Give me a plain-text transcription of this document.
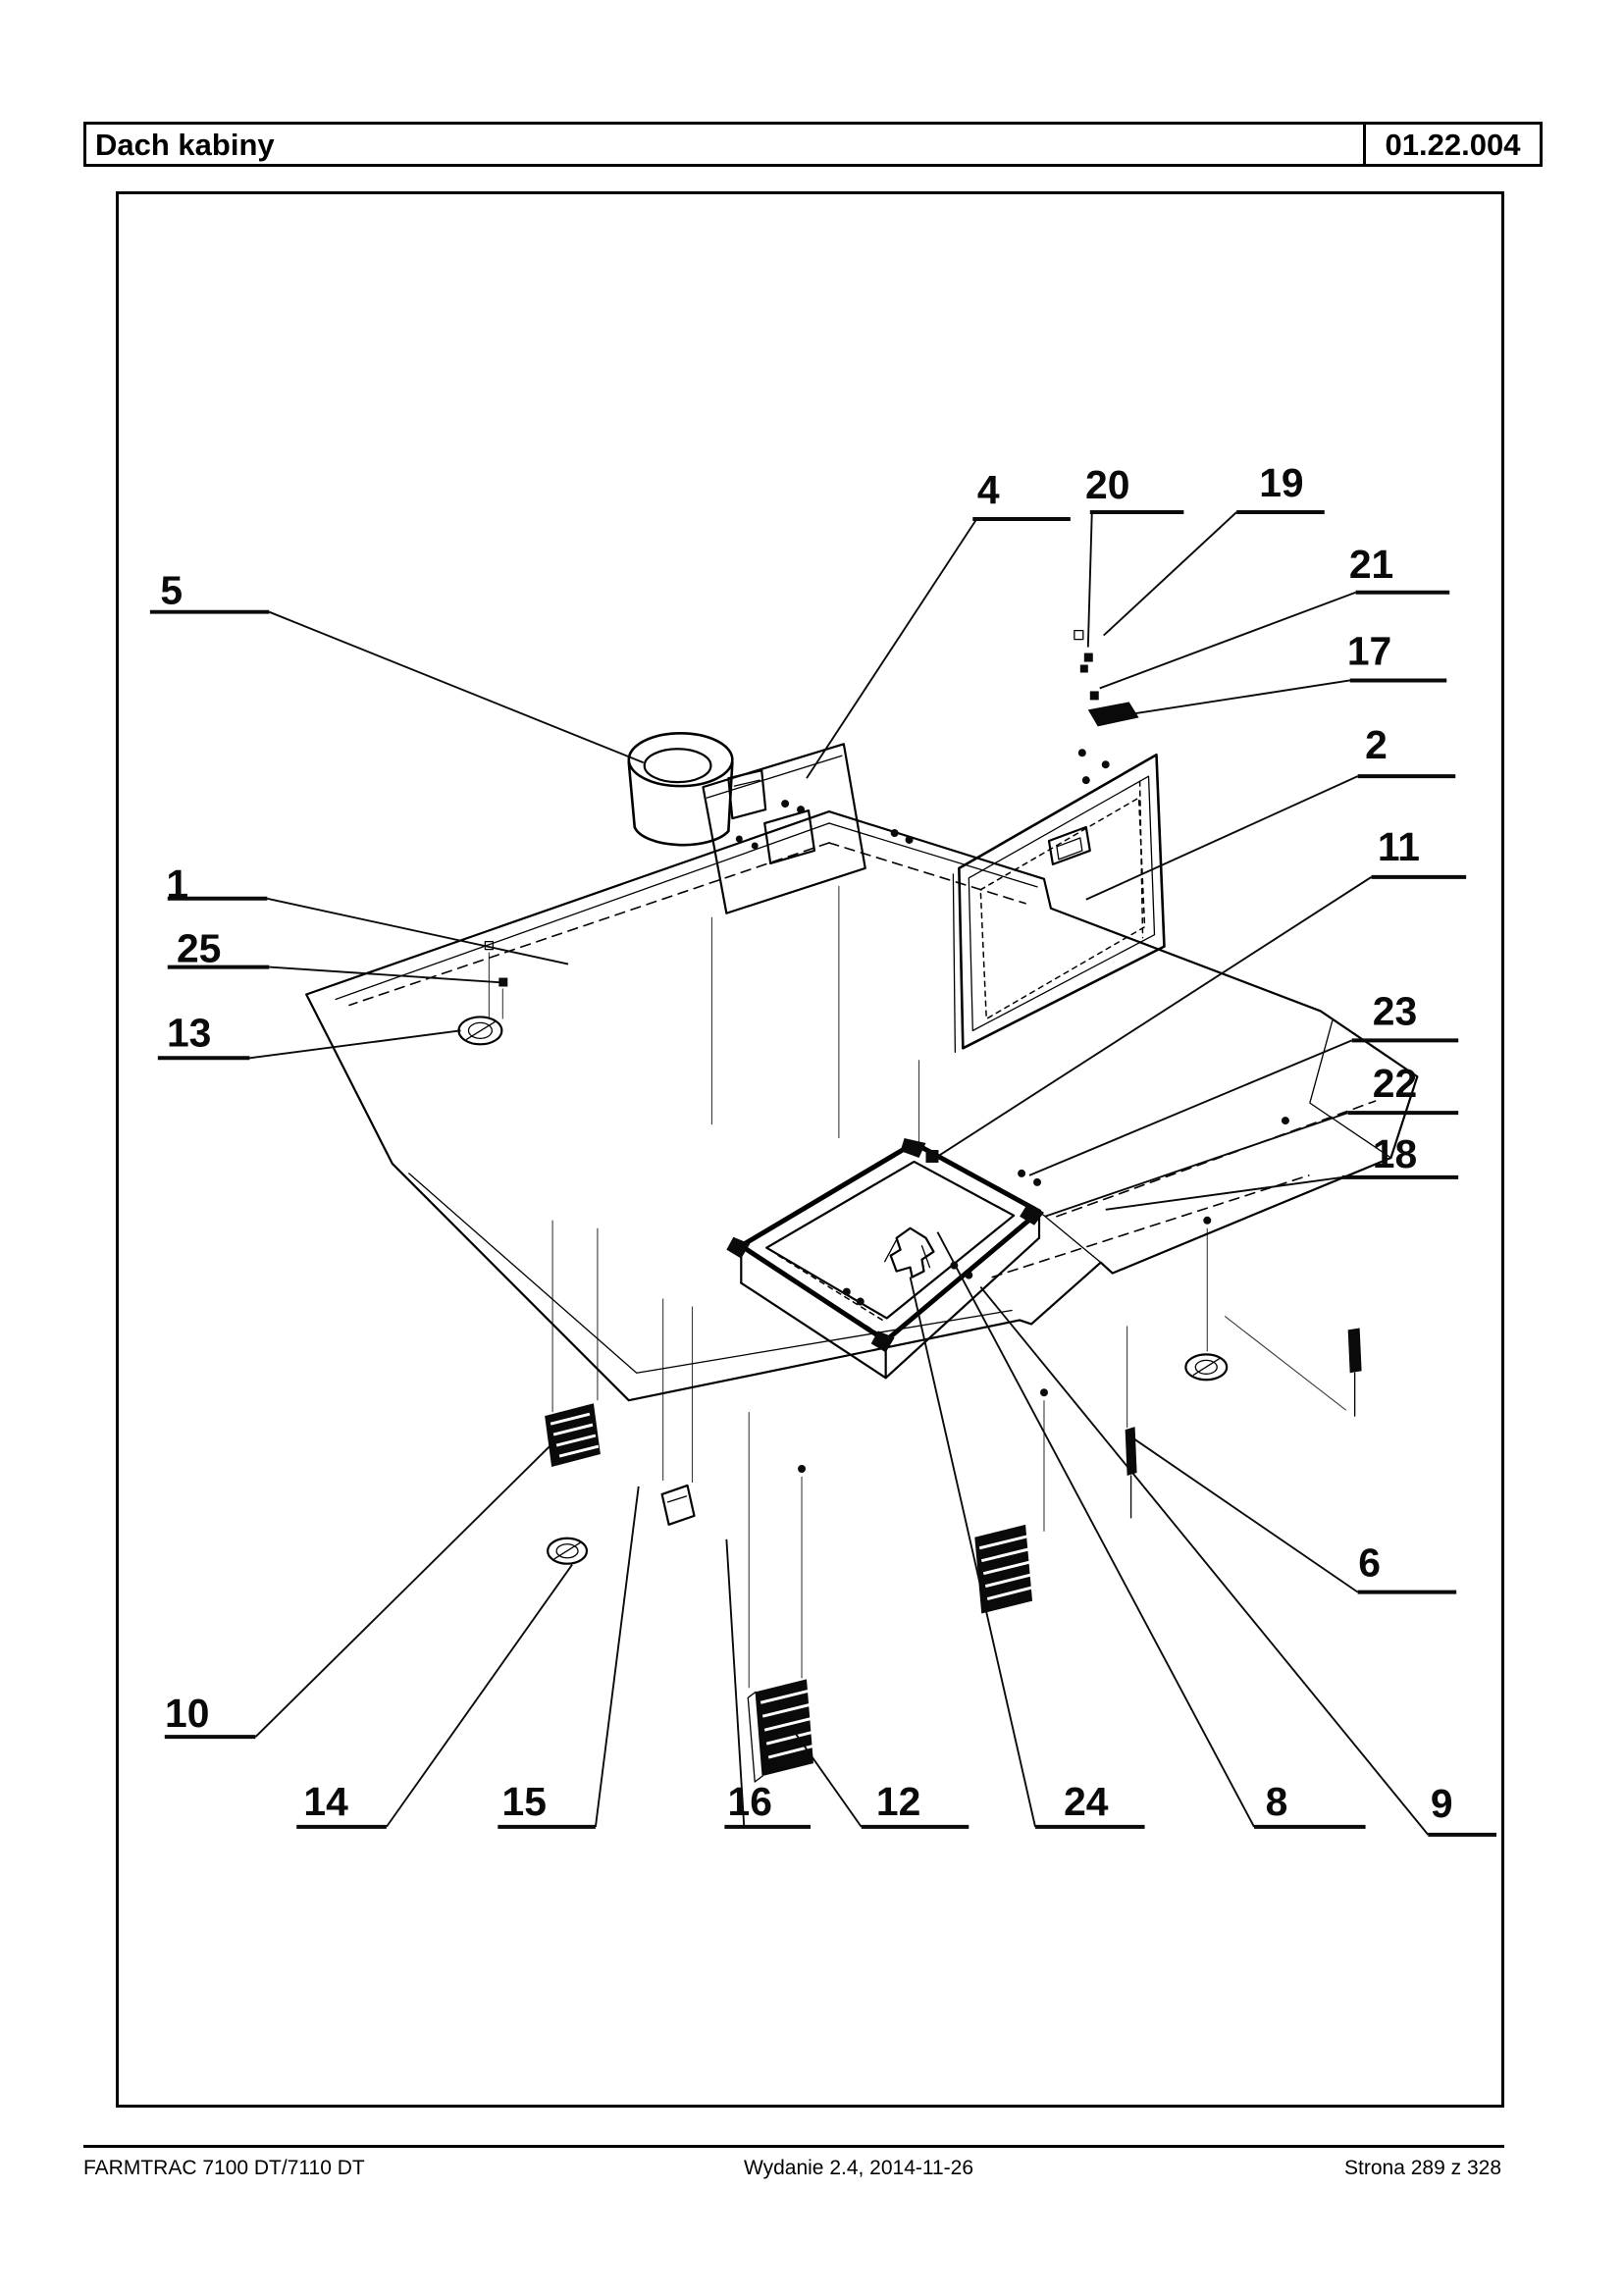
Dach kabiny	01.22.004
5
4 20	19
21
17
2
11
23
22
18
6
1
25
13
10
14	15	16	12	24	8	9
FARMTRAC 7100 DT/7110 DT	Wydanie 2.4, 2014-11-26	Strona 289 z 328
